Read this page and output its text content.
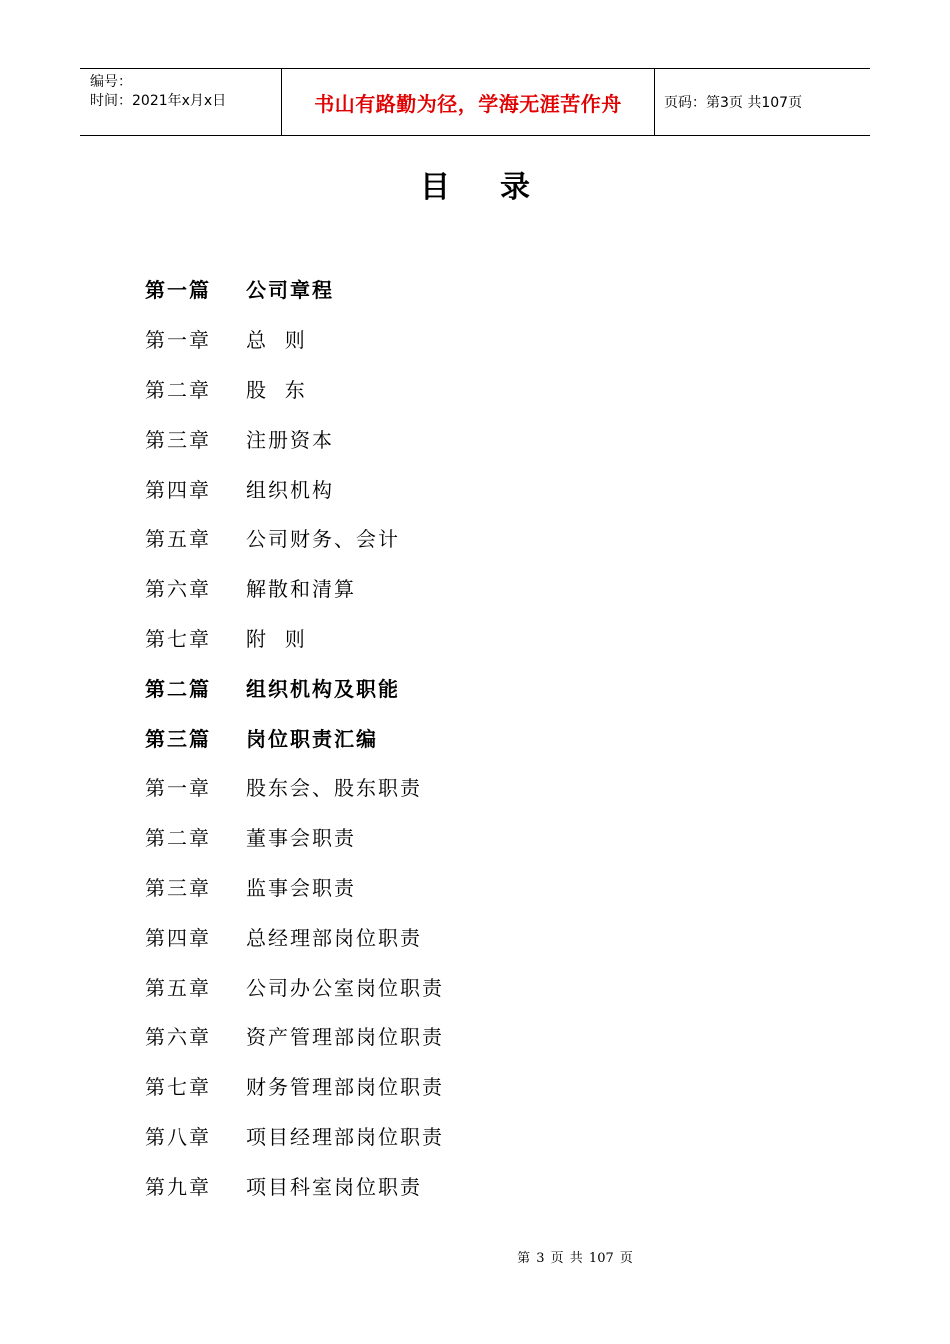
编号：
时间：2021年x月x日	书山有路勤为径，学海无涯苦作舟	页码：第3页 共107页
目录
第一篇	公司章程
第一章	总  则
第二章	股  东
第三章	注册资本
第四章	组织机构
第五章	公司财务、会计
第六章	解散和清算
第七章	附  则
第二篇	组织机构及职能
第三篇	岗位职责汇编
第一章	股东会、股东职责
第二章	董事会职责
第三章	监事会职责
第四章	总经理部岗位职责
第五章	公司办公室岗位职责
第六章	资产管理部岗位职责
第七章	财务管理部岗位职责
第八章	项目经理部岗位职责
第九章	项目科室岗位职责
第 3 页 共 107 页
